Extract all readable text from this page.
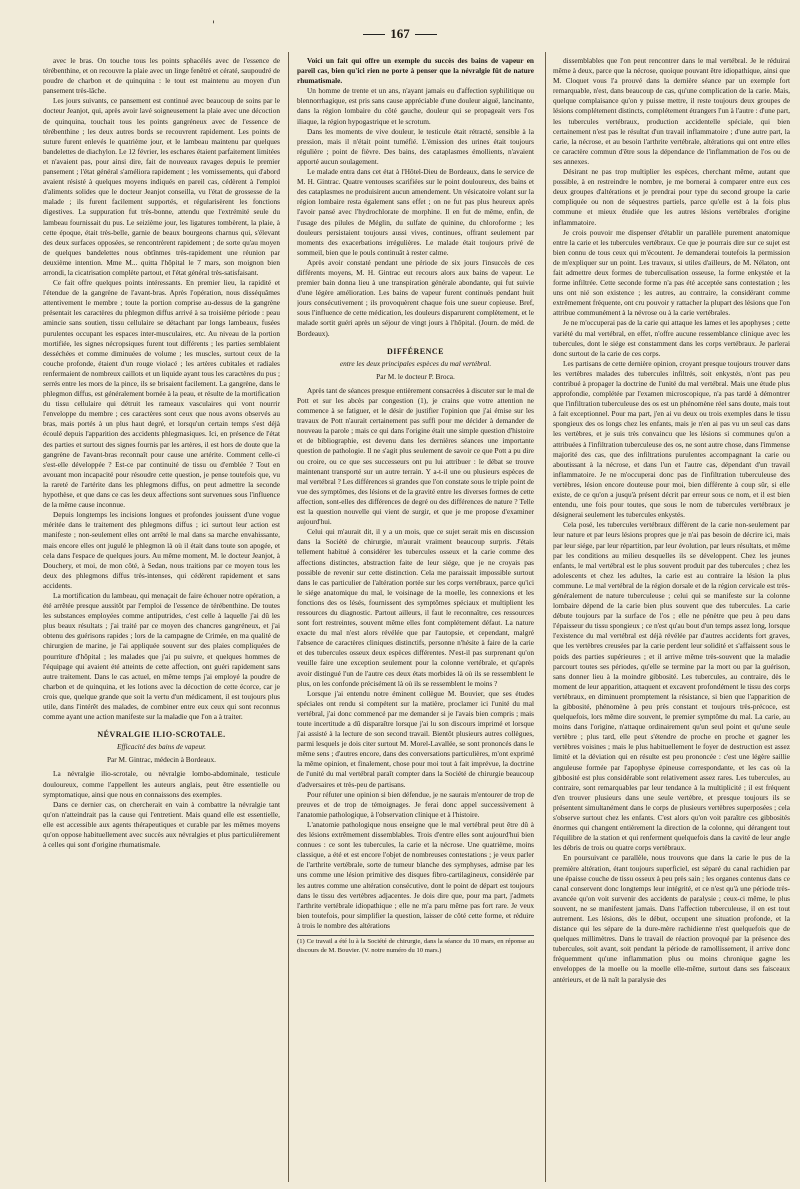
'
167

avec le bras. On touche tous les points sphacélés avec de l'essence de térébenthine, et on recouvre la plaie avec un linge fenêtré et cératé, saupoudré de poudre de charbon et de quinquina : le tout est maintenu au moyen d'un pansement très-lâche.

Les jours suivants, ce pansement est continué avec beaucoup de soins par le docteur Jeanjot, qui, après avoir lavé soigneusement la plaie avec une décoction de quinquina, touchait tous les points gangréneux avec de l'essence de térébenthine ; les deux autres bords se recouvrent rapidement. Les points de suture furent enlevés le quatrième jour, et le lambeau maintenu par quelques bandelettes de diachylon. Le 12 février, les eschares étaient parfaitement limitées et n'avaient pas, pour ainsi dire, fait de nouveaux ravages depuis le premier pansement ; l'état général s'améliora rapidement ; les vomissements, qui d'abord avaient résisté à quelques moyens indiqués en pareil cas, cédèrent à l'emploi d'aliments solides que le docteur Jeanjot conseilla, vu l'état de grossesse de la malade ; ils furent facilement supportés, et régularisèrent les fonctions digestives. La suppuration fut très-bonne, attendu que l'extrémité seule du lambeau fournissait du pus. Le seizième jour, les ligatures tombèrent, la plaie, à cette époque, était très-belle, garnie de beaux bourgeons charnus qui, s'élevant des deux surfaces opposées, se rencontrèrent rapidement ; de sorte qu'au moyen de quelques bandelettes nous obtînmes très-rapidement une réunion par deuxième intention. Mme M... quitta l'hôpital le 7 mars, son moignon bien arrondi, la cicatrisation complète partout, et l'état général très-satisfaisant.

Ce fait offre quelques points intéressants. En premier lieu, la rapidité et l'étendue de la gangrène de l'avant-bras. Après l'opération, nous disséquâmes attentivement le membre ; toute la portion comprise au-dessus de la gangrène présentait les caractères du phlegmon diffus arrivé à sa troisième période : peau amincie sans soutien, tissu cellulaire se détachant par longs lambeaux, fusées purulentes occupant les espaces inter-musculaires, etc. Au niveau de la portion mortifiée, les signes nécropsiques furent tout différents ; les parties semblaient desséchées et comme diminuées de volume ; les muscles, surtout ceux de la couche profonde, étaient d'un rouge violacé ; les artères cubitales et radiales renfermaient de nombreux caillots et un liquide ayant tous les caractères du pus ; serrés entre les mors de la pince, ils se brisaient facilement. La gangrène, dans le phlegmon diffus, est généralement bornée à la peau, et résulte de la mortification du tissu cellulaire qui détruit les rameaux vasculaires qui vont nourrir l'enveloppe du membre ; ces caractères sont ceux que nous avons observés au bras, mais portés à un plus haut degré, et lorsqu'un certain temps s'est déjà écoulé depuis l'apparition des accidents phlegmasiques. Ici, en présence de l'état des parties et surtout des signes fournis par les artères, il est hors de doute que la gangrène de l'avant-bras reconnaît pour cause une artérite. Comment celle-ci s'est-elle développée ? Est-ce par continuité de tissu ou d'emblée ? Tout en avouant mon incapacité pour résoudre cette question, je pense toutefois que, vu la rareté de l'artérite dans les phlegmons diffus, on peut admettre la seconde hypothèse, et que dans ce cas les deux affections sont survenues sous l'influence de la même cause inconnue.

Depuis longtemps les incisions longues et profondes jouissent d'une vogue méritée dans le traitement des phlegmons diffus ; ici surtout leur action est manifeste ; non-seulement elles ont arrêté le mal dans sa marche envahissante, mais encore elles ont jugulé le phlegmon là où il était dans toute son apogée, et cela dans l'espace de quelques jours. Au même moment, M. le docteur Jeanjot, à Douchery, et moi, de mon côté, à Sedan, nous traitions par ce moyen tous les deux des phlegmons diffus très-intenses, qui cédèrent rapidement et sans accidents.

La mortification du lambeau, qui menaçait de faire échouer notre opération, a été arrêtée presque aussitôt par l'emploi de l'essence de térébenthine. De toutes les substances employées comme antiputrides, c'est celle à laquelle j'ai dû les plus beaux résultats ; j'ai traité par ce moyen des chancres gangréneux, et j'ai obtenu des guérisons rapides ; lors de la campagne de Crimée, en ma qualité de chirurgien de marine, je l'ai appliquée souvent sur des plaies compliquées de pourriture d'hôpital ; les malades que j'ai pu suivre, et quelques hommes de l'équipage qui avaient été atteints de cette affection, ont guéri rapidement sans autre traitement. Dans le cas actuel, en même temps j'ai employé la poudre de charbon et de quinquina, et les lotions avec la décoction de cette écorce, car je crois que, quelque grande que soit la vertu d'un médicament, il est toujours plus utile, dans l'intérêt des malades, de combiner entre eux ceux qui sont reconnus comme ayant une action manifeste sur la maladie que l'on a à traiter.

NÉVRALGIE ILIO-SCROTALE.
Efficacité des bains de vapeur.
Par M. Gintrac, médecin à Bordeaux.

La névralgie ilio-scrotale, ou névralgie lombo-abdominale, testicule douloureux, comme l'appellent les auteurs anglais, peut être essentielle ou symptomatique, ainsi que nous en connaissons des exemples.

Dans ce dernier cas, on chercherait en vain à combattre la névralgie tant qu'on n'atteindrait pas la cause qui l'entretient. Mais quand elle est essentielle, elle est accessible aux agents thérapeutiques et curable par les mêmes moyens qu'on oppose habituellement avec succès aux névralgies et plus particulièrement à celles qui sont d'origine rhumatismale.

Voici un fait qui offre un exemple du succès des bains de vapeur en pareil cas, bien qu'ici rien ne porte à penser que la névralgie fût de nature rhumatismale.

Un homme de trente et un ans, n'ayant jamais eu d'affection syphilitique ou blennorrhagique, est pris sans cause appréciable d'une douleur aiguë, lancinante, dans la région lombaire du côté gauche, douleur qui se propageait vers l'os iliaque, la région hypogastrique et le scrotum.

Dans les moments de vive douleur, le testicule était rétracté, sensible à la pression, mais il n'était point tuméfié. L'émission des urines était toujours régulière ; point de fièvre. Des bains, des cataplasmes émollients, n'avaient apporté aucun soulagement.

Le malade entra dans cet état à l'Hôtel-Dieu de Bordeaux, dans le service de M. H. Gintrac. Quatre ventouses scarifiées sur le point douloureux, des bains et des cataplasmes ne produisirent aucun amendement. Un vésicatoire volant sur la région lombaire resta également sans effet ; on ne fut pas plus heureux après l'avoir pansé avec l'hydrochlorate de morphine. Il en fut de même, enfin, de l'usage des pilules de Méglin, du sulfate de quinine, du chloroforme ; les douleurs persistaient toujours aussi vives, continues, offrant seulement par moments des exacerbations irrégulières. Le malade était toujours privé de sommeil, bien que le pouls continuât à rester calme.

Après avoir constaté pendant une période de six jours l'insuccès de ces différents moyens, M. H. Gintrac eut recours alors aux bains de vapeur. Le premier bain donna lieu à une transpiration générale abondante, qui fut suivie d'une légère amélioration. Les bains de vapeur furent continués pendant huit jours consécutivement ; ils provoquèrent chaque fois une sueur copieuse. Bref, sous l'influence de cette médication, les douleurs disparurent complètement, et le malade sortit guéri après un séjour de vingt jours à l'hôpital. (Journ. de méd. de Bordeaux).

DIFFÉRENCE
entre les deux principales espèces du mal vertébral.
Par M. le docteur P. Broca.

Après tant de séances presque entièrement consacrées à discuter sur le mal de Pott et sur les abcès par congestion (1), je crains que votre attention ne commence à se fatiguer, et le désir de justifier l'opinion que j'ai émise sur les travaux de Pott n'aurait certainement pas suffi pour me décider à demander de nouveau la parole ; mais ce qui dans l'origine était une simple question d'histoire et de bibliographie, est devenu dans les dernières séances une importante question de pathologie. Il ne s'agit plus seulement de savoir ce que Pott a pu dire ou croire, ou ce que ses successeurs ont pu lui attribuer : le débat se trouve maintenant transporté sur un autre terrain. Y a-t-il une ou plusieurs espèces de mal vertébral ? Les différences si grandes que l'on constate sous le triple point de vue des symptômes, des lésions et de la gravité entre les diverses formes de cette affection, sont-elles des différences de degré ou des différences de nature ? Telle est la question nouvelle qui vient de surgir, et que je me propose d'examiner aujourd'hui.

Celui qui m'aurait dit, il y a un mois, que ce sujet serait mis en discussion dans la Société de chirurgie, m'aurait vraiment beaucoup surpris. J'étais tellement habitué à considérer les tubercules osseux et la carie comme des affections distinctes, abstraction faite de leur siége, que je ne croyais pas possible de revenir sur cette distinction. Cela me paraissait impossible surtout dans le cas particulier de l'altération portée sur les corps vertébraux, parce qu'ici le siége anatomique du mal, le voisinage de la moelle, les connexions et les fonctions des os lésés, fournissent des symptômes spéciaux et multiplient les ressources du diagnostic. Partout ailleurs, il faut le reconnaître, ces ressources sont fort restreintes, souvent même elles font complétement défaut. La nature exacte du mal n'est alors révélée que par l'autopsie, et cependant, malgré l'absence de caractères cliniques distinctifs, personne n'hésite à faire de la carie et des tubercules osseux deux espèces différentes. N'est-il pas surprenant qu'on veuille faire une exception seulement pour la colonne vertébrale, et qu'après avoir distingué l'un de l'autre ces deux états morbides là où ils se ressemblent le plus, on les confonde précisément là où ils se ressemblent le moins ?

Lorsque j'ai entendu notre éminent collègue M. Bouvier, que ses études spéciales ont rendu si compétent sur la matière, proclamer ici l'unité du mal vertébral, j'ai donc commencé par me demander si je l'avais bien compris ; mais toute incertitude a dû disparaître lorsque j'ai lu son discours imprimé et lorsque j'ai assisté à la lecture de son second travail. Bientôt plusieurs autres collègues, parmi lesquels je dois citer surtout M. Morel-Lavallée, se sont prononcés dans le même sens ; d'autres encore, dans des conversations particulières, m'ont exprimé la même opinion, et finalement, chose pour moi tout à fait imprévue, la doctrine de l'unité du mal vertébral paraît compter dans la Société de chirurgie beaucoup d'adversaires et très-peu de partisans.

Pour réfuter une opinion si bien défendue, je ne saurais m'entourer de trop de preuves et de trop de témoignages. Je ferai donc appel successivement à l'anatomie pathologique, à l'observation clinique et à l'histoire.

L'anatomie pathologique nous enseigne que le mal vertébral peut être dû à des lésions extrêmement dissemblables. Trois d'entre elles sont aujourd'hui bien connues : ce sont les tubercules, la carie et la nécrose. Une quatrième, moins classique, a été et est encore l'objet de nombreuses contestations ; je veux parler de l'arthrite vertébrale, sorte de tumeur blanche des symphyses, admise par les uns comme une lésion primitive des disques fibro-cartilagineux, considérée par les autres comme une altération consécutive, dont le point de départ est toujours dans le tissu des vertèbres adjacentes. Je dois dire que, pour ma part, j'admets l'arthrite vertébrale idiopathique ; elle ne m'a paru même pas fort rare. Je veux bien toutefois, pour simplifier la question, laisser de côté cette forme, et réduire à trois le nombre des altérations

(1) Ce travail a été lu à la Société de chirurgie, dans la séance du 10 mars, en réponse au discours de M. Bouvier. (V. notre numéro du 10 mars.)

dissemblables que l'on peut rencontrer dans le mal vertébral. Je le réduirai même à deux, parce que la nécrose, quoique pouvant être idiopathique, ainsi que M. Cloquet vous l'a prouvé dans la dernière séance par un exemple fort remarquable, n'est, dans beaucoup de cas, qu'une complication de la carie. Mais, quelque complaisance qu'on y puisse mettre, il reste toujours deux groupes de lésions complétement distincts, complétement étrangers l'un à l'autre : d'une part, les tubercules vertébraux, production accidentelle spéciale, qui bien certainement n'est pas le résultat d'un travail inflammatoire ; d'une autre part, la carie, la nécrose, et au besoin l'arthrite vertébrale, altérations qui ont entre elles ce caractère commun d'être sous la dépendance de l'inflammation de l'os ou de ses annexes.

Désirant ne pas trop multiplier les espèces, cherchant même, autant que possible, à en restreindre le nombre, je me bornerai à comparer entre eux ces deux groupes d'altérations et je prendrai pour type du second groupe la carie compliquée ou non de séquestres partiels, parce qu'elle est à la fois plus commune et mieux étudiée que les autres lésions vertébrales d'origine inflammatoire.

Je crois pouvoir me dispenser d'établir un parallèle purement anatomique entre la carie et les tubercules vertébraux. Ce que je pourrais dire sur ce sujet est bien connu de tous ceux qui m'écoutent. Je demanderai toutefois la permission de m'expliquer sur un point. Les travaux, si utiles d'ailleurs, de M. Nélaton, ont fait admettre deux formes de tuberculisation osseuse, la forme enkystée et la forme infiltrée. Cette seconde forme n'a pas été acceptée sans contestation ; les uns ont nié son existence ; les autres, au contraire, la considérant comme extrêmement fréquente, ont cru pouvoir y rattacher la plupart des lésions que l'on attribue communément à la névrose ou à la carie vertébrales.

Je ne m'occuperai pas de la carie qui attaque les lames et les apophyses ; cette variété du mal vertébral, en effet, n'offre aucune ressemblance clinique avec les tubercules, dont le siége est constamment dans les corps vertébraux. Je parlerai donc surtout de la carie de ces corps.

Les partisans de cette dernière opinion, croyant presque toujours trouver dans les vertèbres malades des tubercules infiltrés, soit enkystés, n'ont pas peu contribué à propager la doctrine de l'unité du mal vertébral. Mais une étude plus approfondie, complétée par l'examen microscopique, n'a pas tardé à démontrer que l'infiltration tuberculeuse des os est un phénomène réel sans doute, mais tout à fait exceptionnel. Pour ma part, j'en ai vu deux ou trois exemples dans le tissu spongieux des os longs chez les enfants, mais je n'en ai pas vu un seul cas dans les vertèbres, et je suis très convaincu que les lésions si communes qu'on a attribuées à l'infiltration tuberculeuse des os, ne sont autre chose, dans l'immense majorité des cas, que des infiltrations purulentes accompagnant la carie ou aboutissant à la nécrose, et dans l'un et l'autre cas, dépendant d'un travail inflammatoire. Je ne m'occuperai donc pas de l'infiltration tuberculeuse des vertèbres, lésion encore douteuse pour moi, bien différente à coup sûr, si elle existe, de ce qu'on a jusqu'à présent décrit par erreur sous ce nom, et il est bien entendu, une fois pour toutes, que sous le nom de tubercules vertébraux je désignerai seulement les tubercules enkystés.

Cela posé, les tubercules vertébraux diffèrent de la carie non-seulement par leur nature et par leurs lésions propres que je n'ai pas besoin de décrire ici, mais par leur siége, par leur répartition, par leur évolution, par leurs résultats, et même par les conditions au milieu desquelles ils se développent. Chez les jeunes enfants, le mal vertébral est le plus souvent produit par des tubercules ; chez les adolescents et chez les adultes, la carie est au contraire la lésion la plus commune. Le mal vertébral de la région dorsale et de la région cervicale est très-généralement de nature tuberculeuse ; celui qui se manifeste sur la colonne lombaire dépend de la carie bien plus souvent que des tubercules. La carie débute toujours par la surface de l'os ; elle ne pénètre que peu à peu dans l'épaisseur du tissu spongieux ; ce n'est qu'au bout d'un temps assez long, lorsque l'existence du mal vertébral est déjà révélée par d'autres accidents fort graves, que les vertèbres creusées par la carie perdent leur solidité et s'affaissent sous le poids des parties supérieures ; et il arrive même très-souvent que la maladie parcourt toutes ses périodes, qu'elle se termine par la mort ou par la guérison, sans donner lieu à la moindre gibbosité. Les tubercules, au contraire, dès le moment de leur apparition, attaquent et excavent profondément le tissu des corps vertébraux, en diminuent promptement la résistance, si bien que l'apparition de la gibbosité, phénomène à peu près constant et toujours très-précoce, est quelquefois, lors même dire souvent, le premier symptôme du mal. La carie, au moins dans l'origine, n'attaque ordinairement qu'un seul point et qu'une seule vertèbre ; plus tard, elle peut s'étendre de proche en proche et gagner les vertèbres voisines ; mais le plus habituellement le foyer de destruction est assez limité et la déviation qui en résulte est peu prononcée : c'est une légère saillie anguleuse formée par l'apophyse épineuse correspondante, et les cas où la gibbosité est plus considérable sont relativement assez rares. Les tubercules, au contraire, sont remarquables par leur tendance à la multiplicité ; il est fréquent d'en trouver plusieurs dans une seule vertèbre, et presque toujours ils se présentent simultanément dans le corps de plusieurs vertèbres superposées ; cela s'observe surtout chez les enfants. C'est alors qu'on voit paraître ces gibbosités énormes qui changent entièrement la direction de la colonne, qui dérangent tout l'équilibre de la station et qui renferment quelquefois dans la cavité de leur angle les débris de trois ou quatre corps vertébraux.

En poursuivant ce parallèle, nous trouvons que dans la carie le pus de la première altération, étant toujours superficiel, est séparé du canal rachidien par une épaisse couche de tissu osseux à peu près sain ; les organes contenus dans ce canal conservent donc longtemps leur intégrité, et ce n'est qu'à une période très-avancée qu'on voit survenir des accidents de paralysie ; ceux-ci même, le plus souvent, ne se manifestent jamais. Dans l'affection tuberculeuse, il en est tout autrement. Les lésions, dès le début, occupent une situation profonde, et la distance qui les sépare de la dure-mère rachidienne n'est quelquefois que de quelques millimètres. Dans le travail de réaction provoqué par la présence des tubercules, soit avant, soit pendant la période de ramollissement, il arrive donc fréquemment qu'une inflammation plus ou moins chronique gagne les enveloppes de la moelle ou la moelle elle-même, surtout dans ses faisceaux antérieurs, et de là naît la paralysie des
